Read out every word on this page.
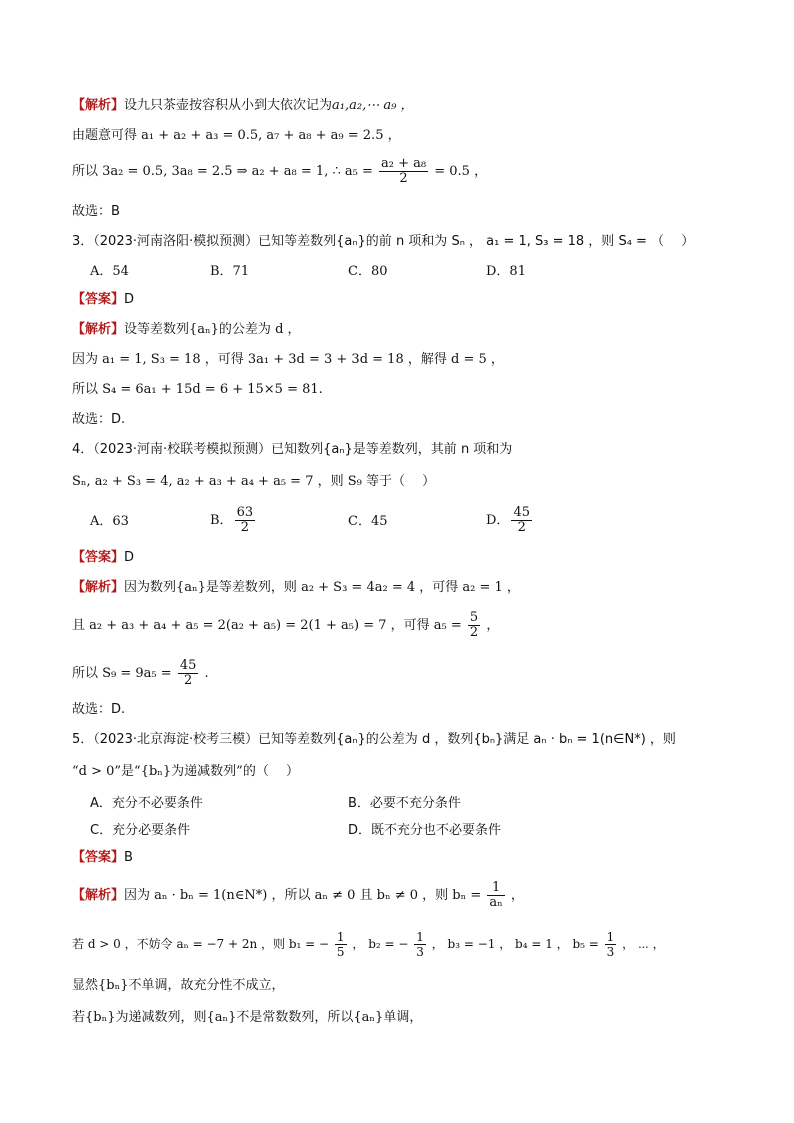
【解析】设九只茶壶按容积从小到大依次记为a₁,a₂,⋯ a₉ ，
由题意可得 a₁ + a₂ + a₃ = 0.5, a₇ + a₈ + a₉ = 2.5 ，
所以 3a₂ = 0.5, 3a₈ = 2.5 ⇒ a₂ + a₈ = 1, ∴ $a_5 = \frac{\text{a₂ + a₈}}{2} = 0.5$ ，
故选：B
3．（2023·河南洛阳·模拟预测）已知等差数列{aₙ}的前 n 项和为 Sₙ ， a₁ = 1, S₃ = 18 ，则 S₄ = （　 ）
A．54	B．71	C．80	D．81
【答案】D
【解析】设等差数列{aₙ}的公差为 d ，
因为 a₁ = 1, S₃ = 18 ，可得 3a₁ + 3d = 3 + 3d = 18 ，解得 d = 5 ，
所以 S₄ = 6a₁ + 15d = 6 + 15×5 = 81.
故选：D.
4．（2023·河南·校联考模拟预测）已知数列{aₙ}是等差数列，其前 n 项和为
Sₙ, a₂ + S₃ = 4, a₂ + a₃ + a₄ + a₅ = 7 ，则 S₉ 等于（　 ）
A．63	B． $\frac{63}{2}$	C．45	D． $\frac{45}{2}$
【答案】D
【解析】因为数列{aₙ}是等差数列，则 a₂ + S₃ = 4a₂ = 4 ，可得 a₂ = 1 ，
且 a₂ + a₃ + a₄ + a₅ = 2(a₂ + a₅) = 2(1 + a₅) = 7 ，可得 $a_5 = \frac{5}{2}$ ，
所以 $S_9 = 9a_5 = \frac{45}{2}$ .
故选：D.
5．（2023·北京海淀·校考三模）已知等差数列{aₙ}的公差为 d ，数列{bₙ}满足 aₙ · bₙ = 1(n∈N*) ，则
“d > 0”是“{bₙ}为递减数列”的（　 ）
A．充分不必要条件	B．必要不充分条件
C．充分必要条件	D．既不充分也不必要条件
【答案】B
【解析】因为 aₙ · bₙ = 1(n∈N*) ，所以 aₙ ≠ 0 且 bₙ ≠ 0 ，则 $b_n = \frac{1}{\text{aₙ}}$ ，
若 d > 0 ，不妨令 aₙ = −7 + 2n ，则 b₁ = − $\frac{1}{5}$ ， b₂ = − $\frac{1}{3}$ ， b₃ = −1 ， b₄ = 1 ， $b_5 = \frac{1}{3}$ ， ⋯ ，
显然{bₙ}不单调，故充分性不成立，
若{bₙ}为递减数列，则{aₙ}不是常数数列，所以{aₙ}单调，
